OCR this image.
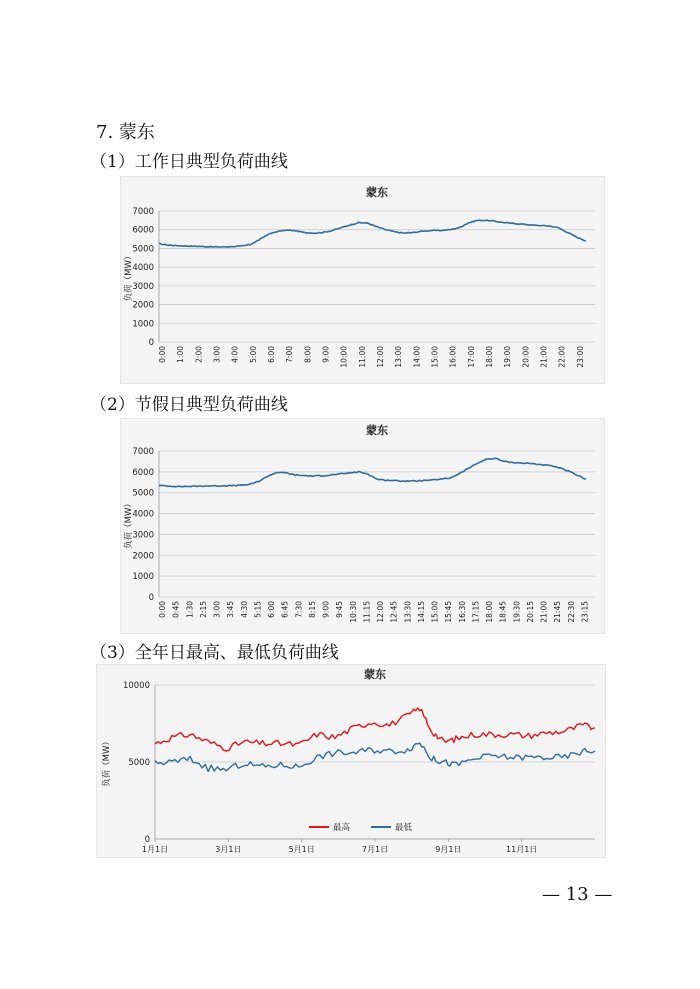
7. 蒙东
（1）工作日典型负荷曲线
蒙东
0
1000
2000
3000
4000
5000
6000
7000
负荷（MW）
0:00 1:00 2:00 3:00 4:00 5:00 6:00 7:00 8:00 9:00 10:00 11:00 12:00 13:00 14:00 15:00 16:00 17:00 18:00 19:00 20:00 21:00 22:00 23:00
（2）节假日典型负荷曲线
蒙东
0
1000
2000
3000
4000
5000
6000
7000
负荷（MW）
0:00 0:45 1:30 2:15 3:00 3:45 4:30 5:15 6:00 6:45 7:30 8:15 9:00 9:45 10:30 11:15 12:00 12:45 13:30 14:15 15:00 15:45 16:30 17:15 18:00 18:45 19:30 20:15 21:00 21:45 22:30 23:15
（3）全年日最高、最低负荷曲线
蒙东
0
5000
10000
负荷（MW）
1月1日	3月1日	5月1日	7月1日	9月1日	11月1日
最高	最低
— 13 —
